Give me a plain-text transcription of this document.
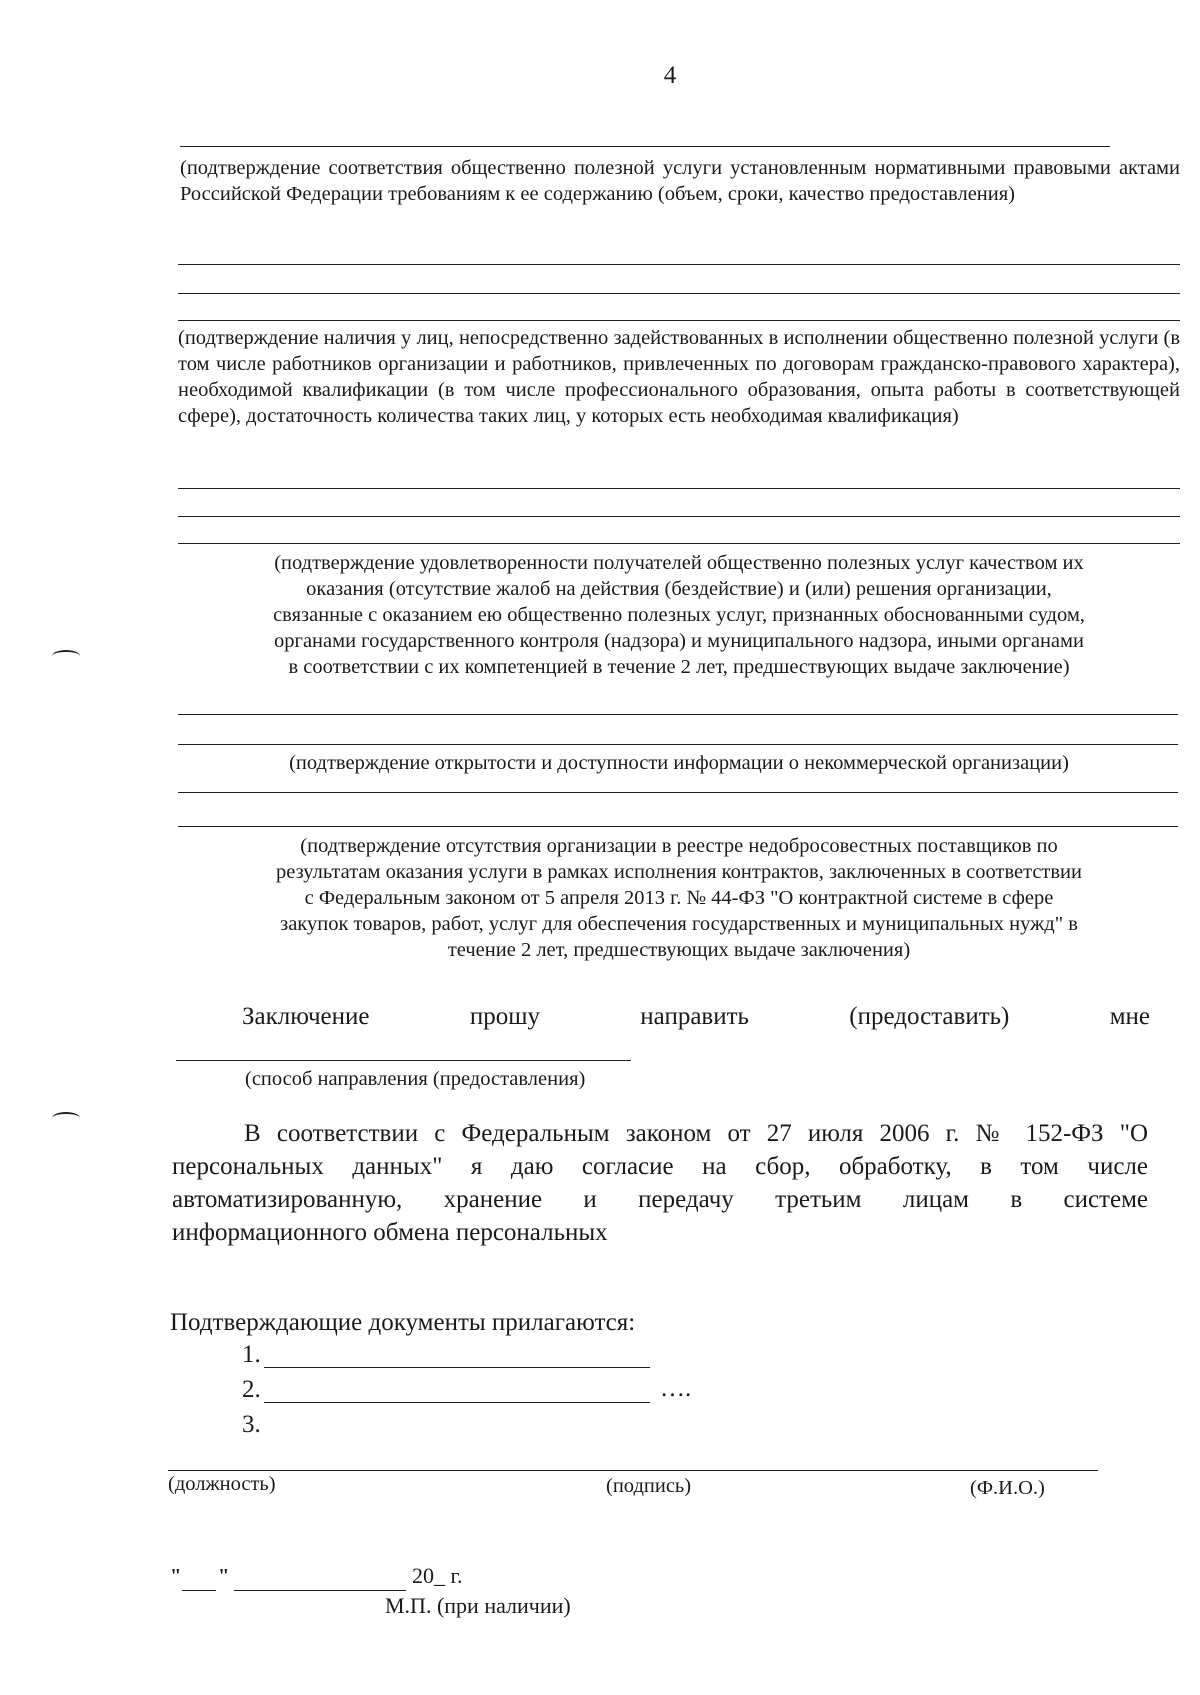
4
(подтверждение соответствия общественно полезной услуги установленным нормативными правовыми актами Российской Федерации требованиям к ее содержанию (объем, сроки, качество предоставления)
(подтверждение наличия у лиц, непосредственно задействованных в исполнении общественно полезной услуги (в том числе работников организации и работников, привлеченных по договорам гражданско-правового характера), необходимой квалификации (в том числе профессионального образования, опыта работы в соответствующей сфере), достаточность количества таких лиц, у которых есть необходимая квалификация)
(подтверждение удовлетворенности получателей общественно полезных услуг качеством их
оказания (отсутствие жалоб на действия (бездействие) и (или) решения организации,
связанные с оказанием ею общественно полезных услуг, признанных обоснованными судом,
органами государственного контроля (надзора) и муниципального надзора, иными органами
в соответствии с их компетенцией в течение 2 лет, предшествующих выдаче заключение)
(подтверждение открытости и доступности информации о некоммерческой организации)
(подтверждение отсутствия организации в реестре недобросовестных поставщиков по
результатам оказания услуги в рамках исполнения контрактов, заключенных в соответствии
с Федеральным законом от 5 апреля 2013 г. № 44-ФЗ "О контрактной системе в сфере
закупок товаров, работ, услуг для обеспечения государственных и муниципальных нужд" в
течение 2 лет, предшествующих выдаче заключения)
Заключение прошу направить (предоставить) мне
(способ направления (предоставления)
В соответствии с Федеральным законом от 27 июля 2006 г. № 152-ФЗ "О
персональных данных" я даю согласие на сбор, обработку, в том числе
автоматизированную, хранение и передачу третьим лицам в системе
информационного обмена персональных
Подтверждающие документы прилагаются:
1.
2.	….
3.
(должность)	(подпись)	(Ф.И.О.)
" "	20_ г.
М.П. (при наличии)
